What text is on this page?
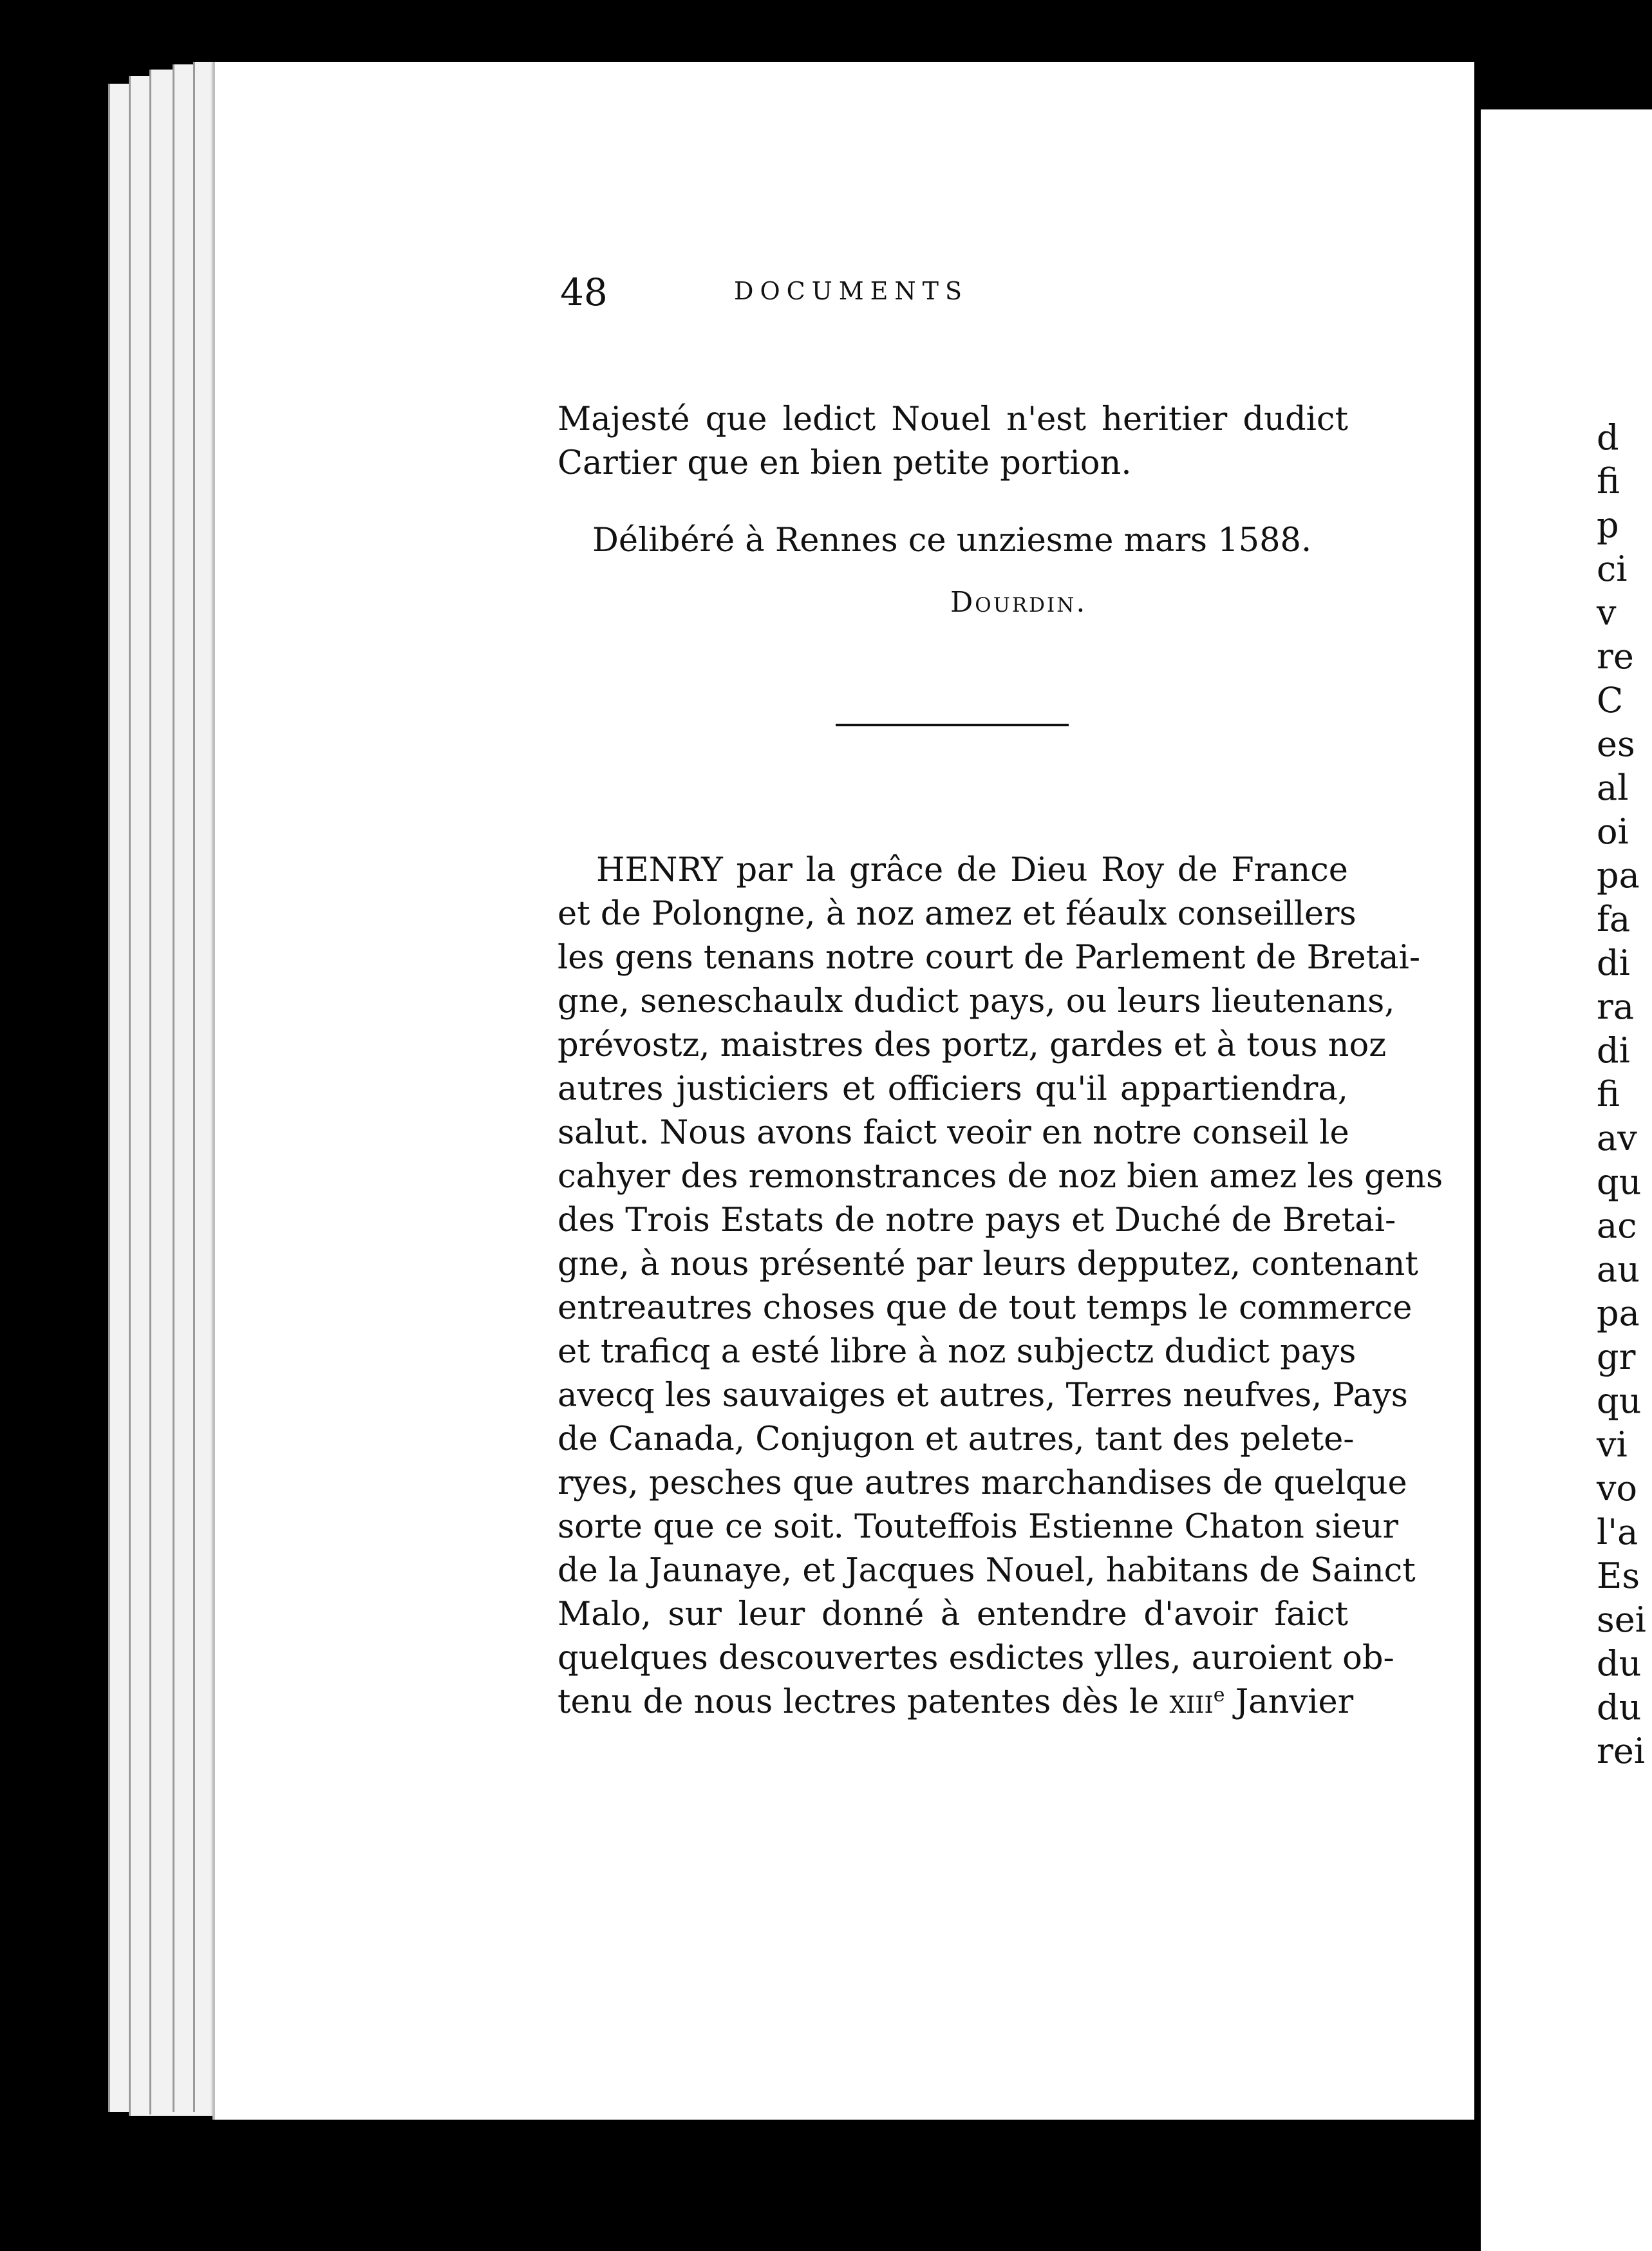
d
fi
p
ci
v
re
C
es
al
oi
pa
fa
di
ra
di
fi
av
qu
ac
au
pa
gr
qu
vi
vo
l'a
Es
sei
du
du
rei
48	DOCUMENTS
Majesté que ledict Nouel n'est heritier dudict
Cartier que en bien petite portion.
Délibéré à Rennes ce unziesme mars 1588.
Dourdin.
HENRY par la grâce de Dieu Roy de France
et de Polongne, à noz amez et féaulx conseillers
les gens tenans notre court de Parlement de Bretai-
gne, seneschaulx dudict pays, ou leurs lieutenans,
prévostz, maistres des portz, gardes et à tous noz
autres justiciers et officiers qu'il appartiendra,
salut. Nous avons faict veoir en notre conseil le
cahyer des remonstrances de noz bien amez les gens
des Trois Estats de notre pays et Duché de Bretai-
gne, à nous présenté par leurs depputez, contenant
entreautres choses que de tout temps le commerce
et traficq a esté libre à noz subjectz dudict pays
avecq les sauvaiges et autres, Terres neufves, Pays
de Canada, Conjugon et autres, tant des pelete-
ryes, pesches que autres marchandises de quelque
sorte que ce soit. Touteffois Estienne Chaton sieur
de la Jaunaye, et Jacques Nouel, habitans de Sainct
Malo, sur leur donné à entendre d'avoir faict
quelques descouvertes esdictes ylles, auroient ob-
tenu de nous lectres patentes dès le xiii$^e$ Janvier
